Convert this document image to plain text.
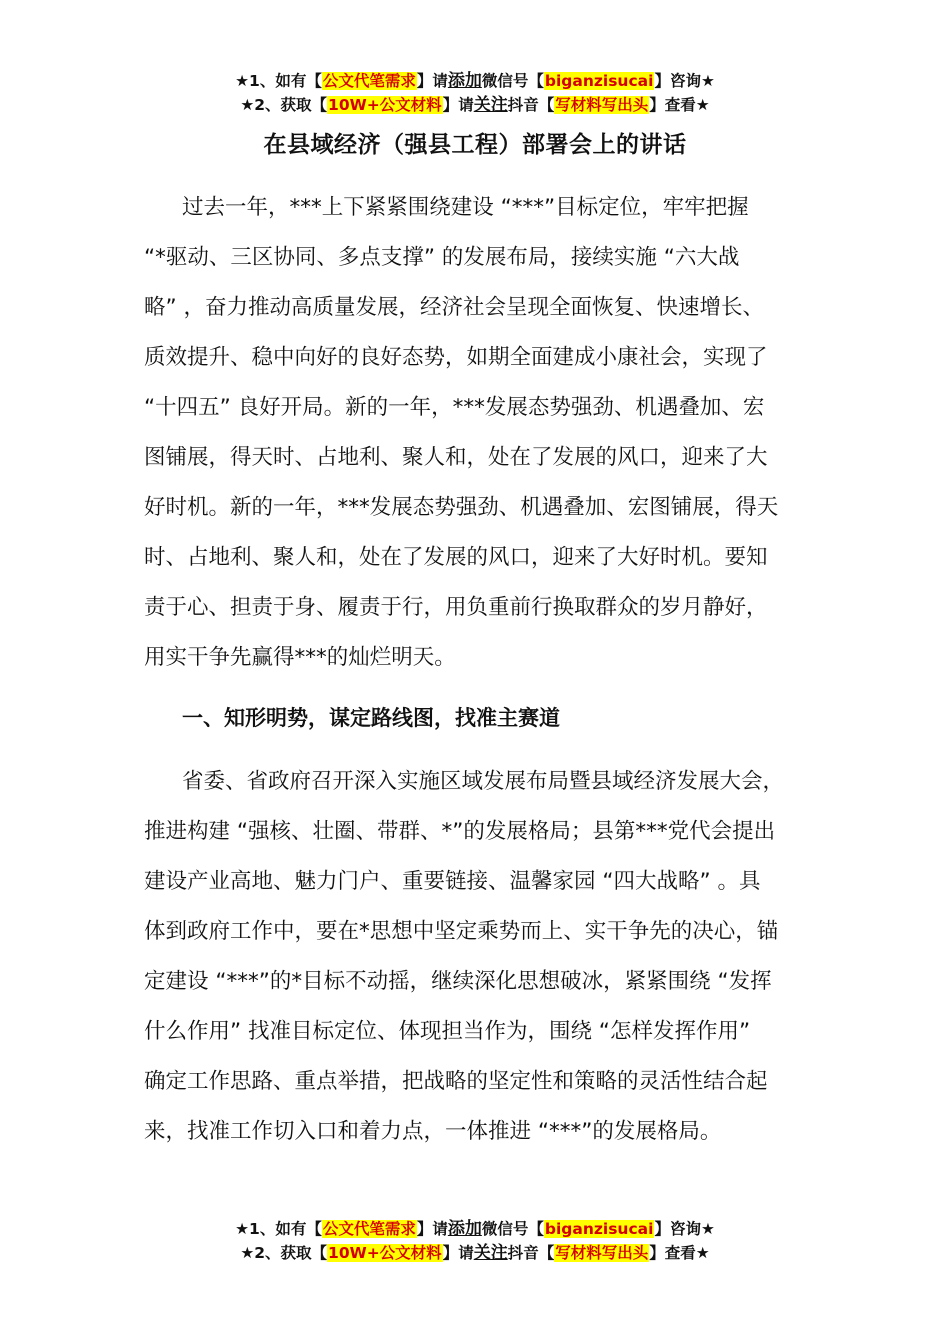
★1、如有【公文代笔需求】请添加微信号【biganzisucai】咨询★
★2、获取【10W+公文材料】请关注抖音【写材料写出头】查看★
在县域经济（强县工程）部署会上的讲话
过去一年，***上下紧紧围绕建设 “***”目标定位，牢牢把握
“*驱动、三区协同、多点支撑” 的发展布局，接续实施 “六大战
略” ，奋力推动高质量发展，经济社会呈现全面恢复、快速增长、
质效提升、稳中向好的良好态势，如期全面建成小康社会，实现了
“十四五” 良好开局。新的一年，***发展态势强劲、机遇叠加、宏
图铺展，得天时、占地利、聚人和，处在了发展的风口，迎来了大
好时机。新的一年，***发展态势强劲、机遇叠加、宏图铺展，得天
时、占地利、聚人和，处在了发展的风口，迎来了大好时机。要知
责于心、担责于身、履责于行，用负重前行换取群众的岁月静好，
用实干争先赢得***的灿烂明天。
一、知形明势，谋定路线图，找准主赛道
省委、省政府召开深入实施区域发展布局暨县域经济发展大会，
推进构建 “强核、壮圈、带群、*”的发展格局；县第***党代会提出
建设产业高地、魅力门户、重要链接、温馨家园 “四大战略” 。具
体到政府工作中，要在*思想中坚定乘势而上、实干争先的决心，锚
定建设 “***”的*目标不动摇，继续深化思想破冰，紧紧围绕 “发挥
什么作用” 找准目标定位、体现担当作为，围绕 “怎样发挥作用”
确定工作思路、重点举措，把战略的坚定性和策略的灵活性结合起
来，找准工作切入口和着力点，一体推进 “***”的发展格局。
★1、如有【公文代笔需求】请添加微信号【biganzisucai】咨询★
★2、获取【10W+公文材料】请关注抖音【写材料写出头】查看★
